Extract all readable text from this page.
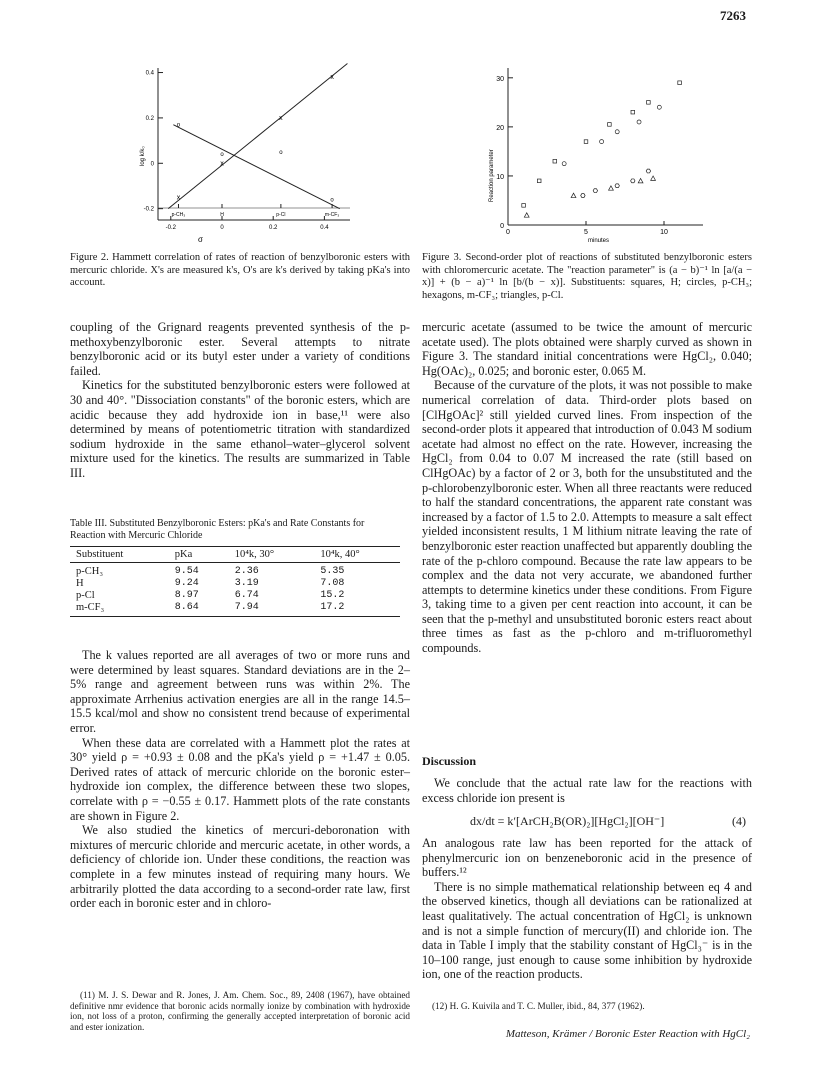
7263
0.4
0.2
0
-0.2
-0.2	0	0.2	0.4
p-CH₃	H	p-Cl	m-CF₃
x
x
x
x
o
o	o
o
log k/k₀
σ
Figure 2. Hammett correlation of rates of reaction of benzylboronic esters with mercuric chloride. X's are measured k's, O's are k's derived by taking pKa's into account.
30
20
10
0
0	5	10
Reaction parameter
minutes
Figure 3. Second-order plot of reactions of substituted benzylboronic esters with chloromercuric acetate. The "reaction parameter" is (a − b)⁻¹ ln [a/(a − x)] + (b − a)⁻¹ ln [b/(b − x)]. Substituents: squares, H; circles, p-CH₃; hexagons, m-CF₃; triangles, p-Cl.

coupling of the Grignard reagents prevented synthesis of the p-methoxybenzylboronic ester. Several attempts to nitrate benzylboronic acid or its butyl ester under a variety of conditions failed.

Kinetics for the substituted benzylboronic esters were followed at 30 and 40°. "Dissociation constants" of the boronic esters, which are acidic because they add hydroxide ion in base,¹¹ were also determined by means of potentiometric titration with standardized sodium hydroxide in the same ethanol–water–glycerol solvent mixture used for the kinetics. The results are summarized in Table III.

Table III. Substituted Benzylboronic Esters: pKa's and Rate Constants for Reaction with Mercuric Chloride
Substituent	pKa	10⁴k, 30°	10⁴k, 40°
p-CH₃	9.54	2.36	5.35
H	9.24	3.19	7.08
p-Cl	8.97	6.74	15.2
m-CF₃	8.64	7.94	17.2

The k values reported are all averages of two or more runs and were determined by least squares. Standard deviations are in the 2–5% range and agreement between runs was within 2%. The approximate Arrhenius activation energies are all in the range 14.5–15.5 kcal/mol and show no consistent trend because of experimental error.

When these data are correlated with a Hammett plot the rates at 30° yield ρ = +0.93 ± 0.08 and the pKa's yield ρ = +1.47 ± 0.05. Derived rates of attack of mercuric chloride on the boronic ester–hydroxide ion complex, the difference between these two slopes, correlate with ρ = −0.55 ± 0.17. Hammett plots of the rate constants are shown in Figure 2.

We also studied the kinetics of mercuri-deboronation with mixtures of mercuric chloride and mercuric acetate, in other words, a deficiency of chloride ion. Under these conditions, the reaction was complete in a few minutes instead of requiring many hours. We arbitrarily plotted the data according to a second-order rate law, first order each in boronic ester and in chloro-

(11) M. J. S. Dewar and R. Jones, J. Am. Chem. Soc., 89, 2408 (1967), have obtained definitive nmr evidence that boronic acids normally ionize by combination with hydroxide ion, not loss of a proton, confirming the generally accepted interpretation of boronic acid and ester ionization.

mercuric acetate (assumed to be twice the amount of mercuric acetate used). The plots obtained were sharply curved as shown in Figure 3. The standard initial concentrations were HgCl₂, 0.040; Hg(OAc)₂, 0.025; and boronic ester, 0.065 M.

Because of the curvature of the plots, it was not possible to make numerical correlation of data. Third-order plots based on [ClHgOAc]² still yielded curved lines. From inspection of the second-order plots it appeared that introduction of 0.043 M sodium acetate had almost no effect on the rate. However, increasing the HgCl₂ from 0.04 to 0.07 M increased the rate (still based on ClHgOAc) by a factor of 2 or 3, both for the unsubstituted and the p-chlorobenzylboronic ester. When all three reactants were reduced to half the standard concentrations, the apparent rate constant was increased by a factor of 1.5 to 2.0. Attempts to measure a salt effect yielded inconsistent results, 1 M lithium nitrate leaving the rate of benzylboronic ester reaction unaffected but apparently doubling the rate of the p-chloro compound. Because the rate law appears to be complex and the data not very accurate, we abandoned further attempts to determine kinetics under these conditions. From Figure 3, taking time to a given per cent reaction into account, it can be seen that the p-methyl and unsubstituted boronic esters react about three times as fast as the p-chloro and m-trifluoromethyl compounds.

Discussion

We conclude that the actual rate law for the reactions with excess chloride ion present is

dx/dt = k′[ArCH₂B(OR)₂][HgCl₂][OH⁻]	(4)

An analogous rate law has been reported for the attack of phenylmercuric ion on benzeneboronic acid in the presence of buffers.¹²

There is no simple mathematical relationship between eq 4 and the observed kinetics, though all deviations can be rationalized at least qualitatively. The actual concentration of HgCl₂ is unknown and is not a simple function of mercury(II) and chloride ion. The data in Table I imply that the stability constant of HgCl₃⁻ is in the 10–100 range, just enough to cause some inhibition by hydroxide ion, one of the reaction products.

(12) H. G. Kuivila and T. C. Muller, ibid., 84, 377 (1962).
Matteson, Krämer / Boronic Ester Reaction with HgCl₂
